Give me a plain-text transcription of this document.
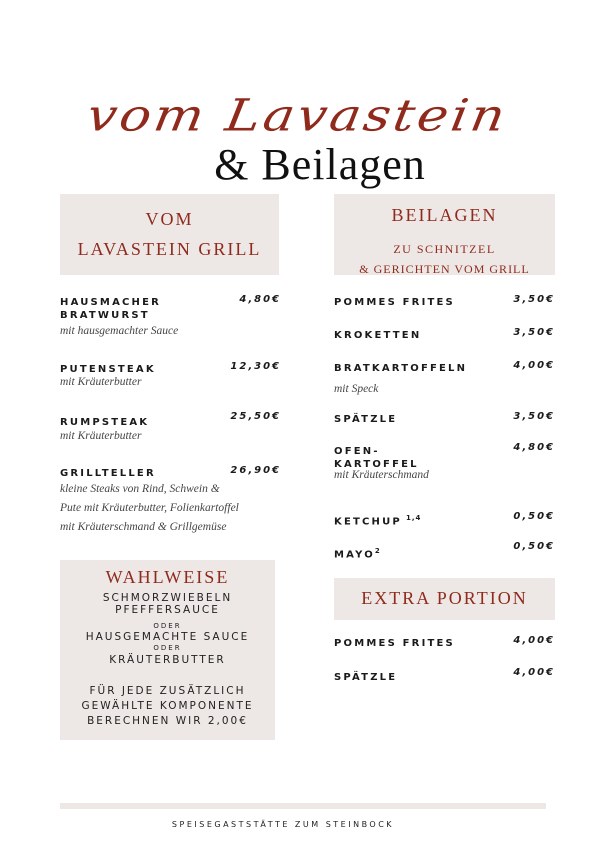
vom Lavastein
& Beilagen
VOM
LAVASTEIN GRILL
HAUSMACHER
BRATWURST
4,80€
mit hausgemachter Sauce
PUTENSTEAK	12,30€
mit Kräuterbutter
RUMPSTEAK
25,50€
mit Kräuterbutter
GRILLTELLER	26,90€
kleine Steaks von Rind, Schwein &
Pute mit Kräuterbutter, Folienkartoffel
mit Kräuterschmand & Grillgemüse
WAHLWEISE
SCHMORZWIEBELN
PFEFFERSAUCE
ODER
HAUSGEMACHTE SAUCE
ODER
KRÄUTERBUTTER
FÜR JEDE ZUSÄTZLICH
GEWÄHLTE KOMPONENTE
BERECHNEN WIR 2,00€
BEILAGEN
ZU SCHNITZEL
& GERICHTEN VOM GRILL
POMMES FRITES	3,50€
KROKETTEN	3,50€
BRATKARTOFFELN	4,00€
mit Speck
SPÄTZLE	3,50€
OFEN-
KARTOFFEL
4,80€
mit Kräuterschmand
KETCHUP $^{1,4}$	0,50€
MAYO$^2$	0,50€
EXTRA PORTION
POMMES FRITES	4,00€
SPÄTZLE	4,00€
SPEISEGASTSTÄTTE ZUM STEINBOCK
